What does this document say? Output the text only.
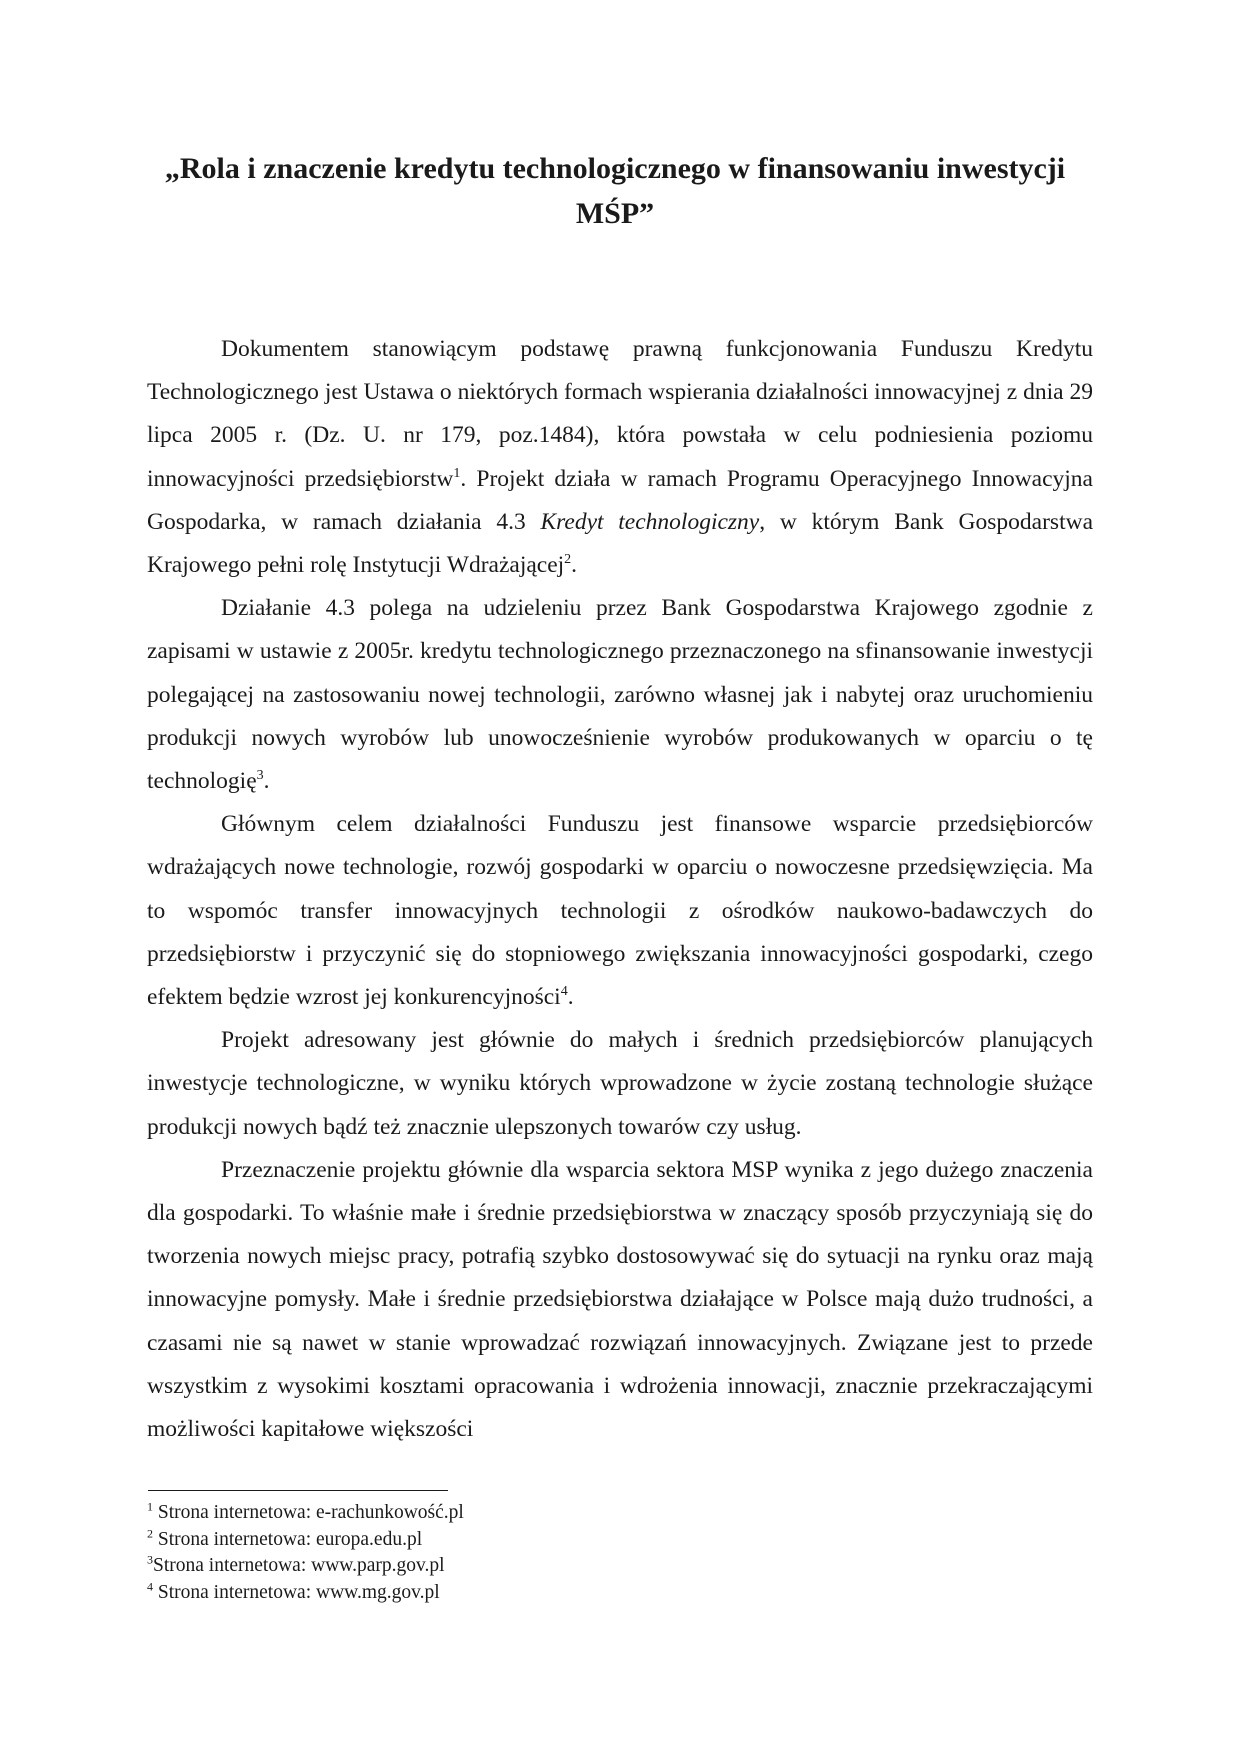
„Rola i znaczenie kredytu technologicznego w finansowaniu inwestycji MŚP”

Dokumentem stanowiącym podstawę prawną funkcjonowania Funduszu Kredytu Technologicznego jest Ustawa o niektórych formach wspierania działalności innowacyjnej z dnia 29 lipca 2005 r. (Dz. U. nr 179, poz.1484), która powstała w celu podniesienia poziomu innowacyjności przedsiębiorstw$^1$. Projekt działa w ramach Programu Operacyjnego Innowacyjna Gospodarka, w ramach działania 4.3 Kredyt technologiczny, w którym Bank Gospodarstwa Krajowego pełni rolę Instytucji Wdrażającej$^2$.

Działanie 4.3 polega na udzieleniu przez Bank Gospodarstwa Krajowego zgodnie z zapisami w ustawie z 2005r. kredytu technologicznego przeznaczonego na sfinansowanie inwestycji polegającej na zastosowaniu nowej technologii, zarówno własnej jak i nabytej oraz uruchomieniu produkcji nowych wyrobów lub unowocześnienie wyrobów produkowanych w oparciu o tę technologię$^3$.

Głównym celem działalności Funduszu jest finansowe wsparcie przedsiębiorców wdrażających nowe technologie, rozwój gospodarki w oparciu o nowoczesne przedsięwzięcia. Ma to wspomóc transfer innowacyjnych technologii z ośrodków naukowo-badawczych do przedsiębiorstw i przyczynić się do stopniowego zwiększania innowacyjności gospodarki, czego efektem będzie wzrost jej konkurencyjności$^4$.

Projekt adresowany jest głównie do małych i średnich przedsiębiorców planujących inwestycje technologiczne, w wyniku których wprowadzone w życie zostaną technologie służące produkcji nowych bądź też znacznie ulepszonych towarów czy usług.

Przeznaczenie projektu głównie dla wsparcia sektora MSP wynika z jego dużego znaczenia dla gospodarki. To właśnie małe i średnie przedsiębiorstwa w znaczący sposób przyczyniają się do tworzenia nowych miejsc pracy, potrafią szybko dostosowywać się do sytuacji na rynku oraz mają innowacyjne pomysły. Małe i średnie przedsiębiorstwa działające w Polsce mają dużo trudności, a czasami nie są nawet w stanie wprowadzać rozwiązań innowacyjnych. Związane jest to przede wszystkim z wysokimi kosztami opracowania i wdrożenia innowacji, znacznie przekraczającymi możliwości kapitałowe większości

$^1$ Strona internetowa: e-rachunkowość.pl

$^2$ Strona internetowa: europa.edu.pl

$^3$Strona internetowa: www.parp.gov.pl

$^4$ Strona internetowa: www.mg.gov.pl
